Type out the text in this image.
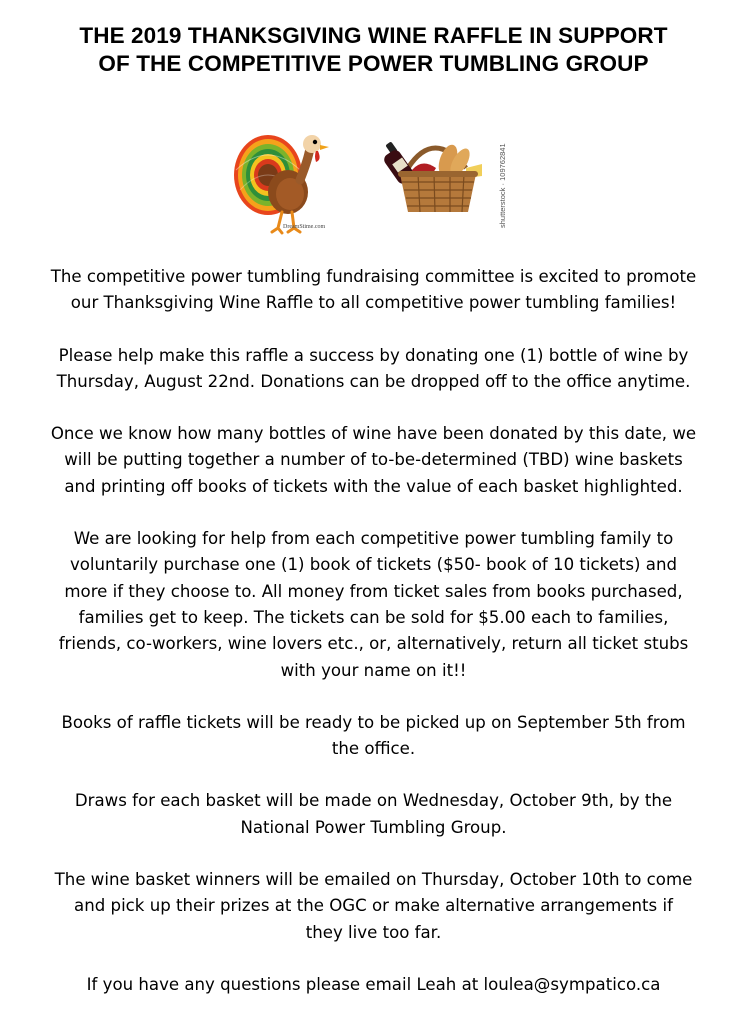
THE 2019 THANKSGIVING WINE RAFFLE IN SUPPORT
OF THE COMPETITIVE POWER TUMBLING GROUP
DreamStime.com	shutterstock · 109762841
The competitive power tumbling fundraising committee is excited to promote
our Thanksgiving Wine Raffle to all competitive power tumbling families!
Please help make this raffle a success by donating one (1) bottle of wine by
Thursday, August 22nd. Donations can be dropped off to the office anytime.
Once we know how many bottles of wine have been donated by this date, we
will be putting together a number of to-be-determined (TBD) wine baskets
and printing off books of tickets with the value of each basket highlighted.
We are looking for help from each competitive power tumbling family to
voluntarily purchase one (1) book of tickets ($50- book of 10 tickets) and
more if they choose to. All money from ticket sales from books purchased,
families get to keep. The tickets can be sold for $5.00 each to families,
friends, co-workers, wine lovers etc., or, alternatively, return all ticket stubs
with your name on it!!
Books of raffle tickets will be ready to be picked up on September 5th from
the office.
Draws for each basket will be made on Wednesday, October 9th, by the
National Power Tumbling Group.
The wine basket winners will be emailed on Thursday, October 10th to come
and pick up their prizes at the OGC or make alternative arrangements if
they live too far.
If you have any questions please email Leah at loulea@sympatico.ca
